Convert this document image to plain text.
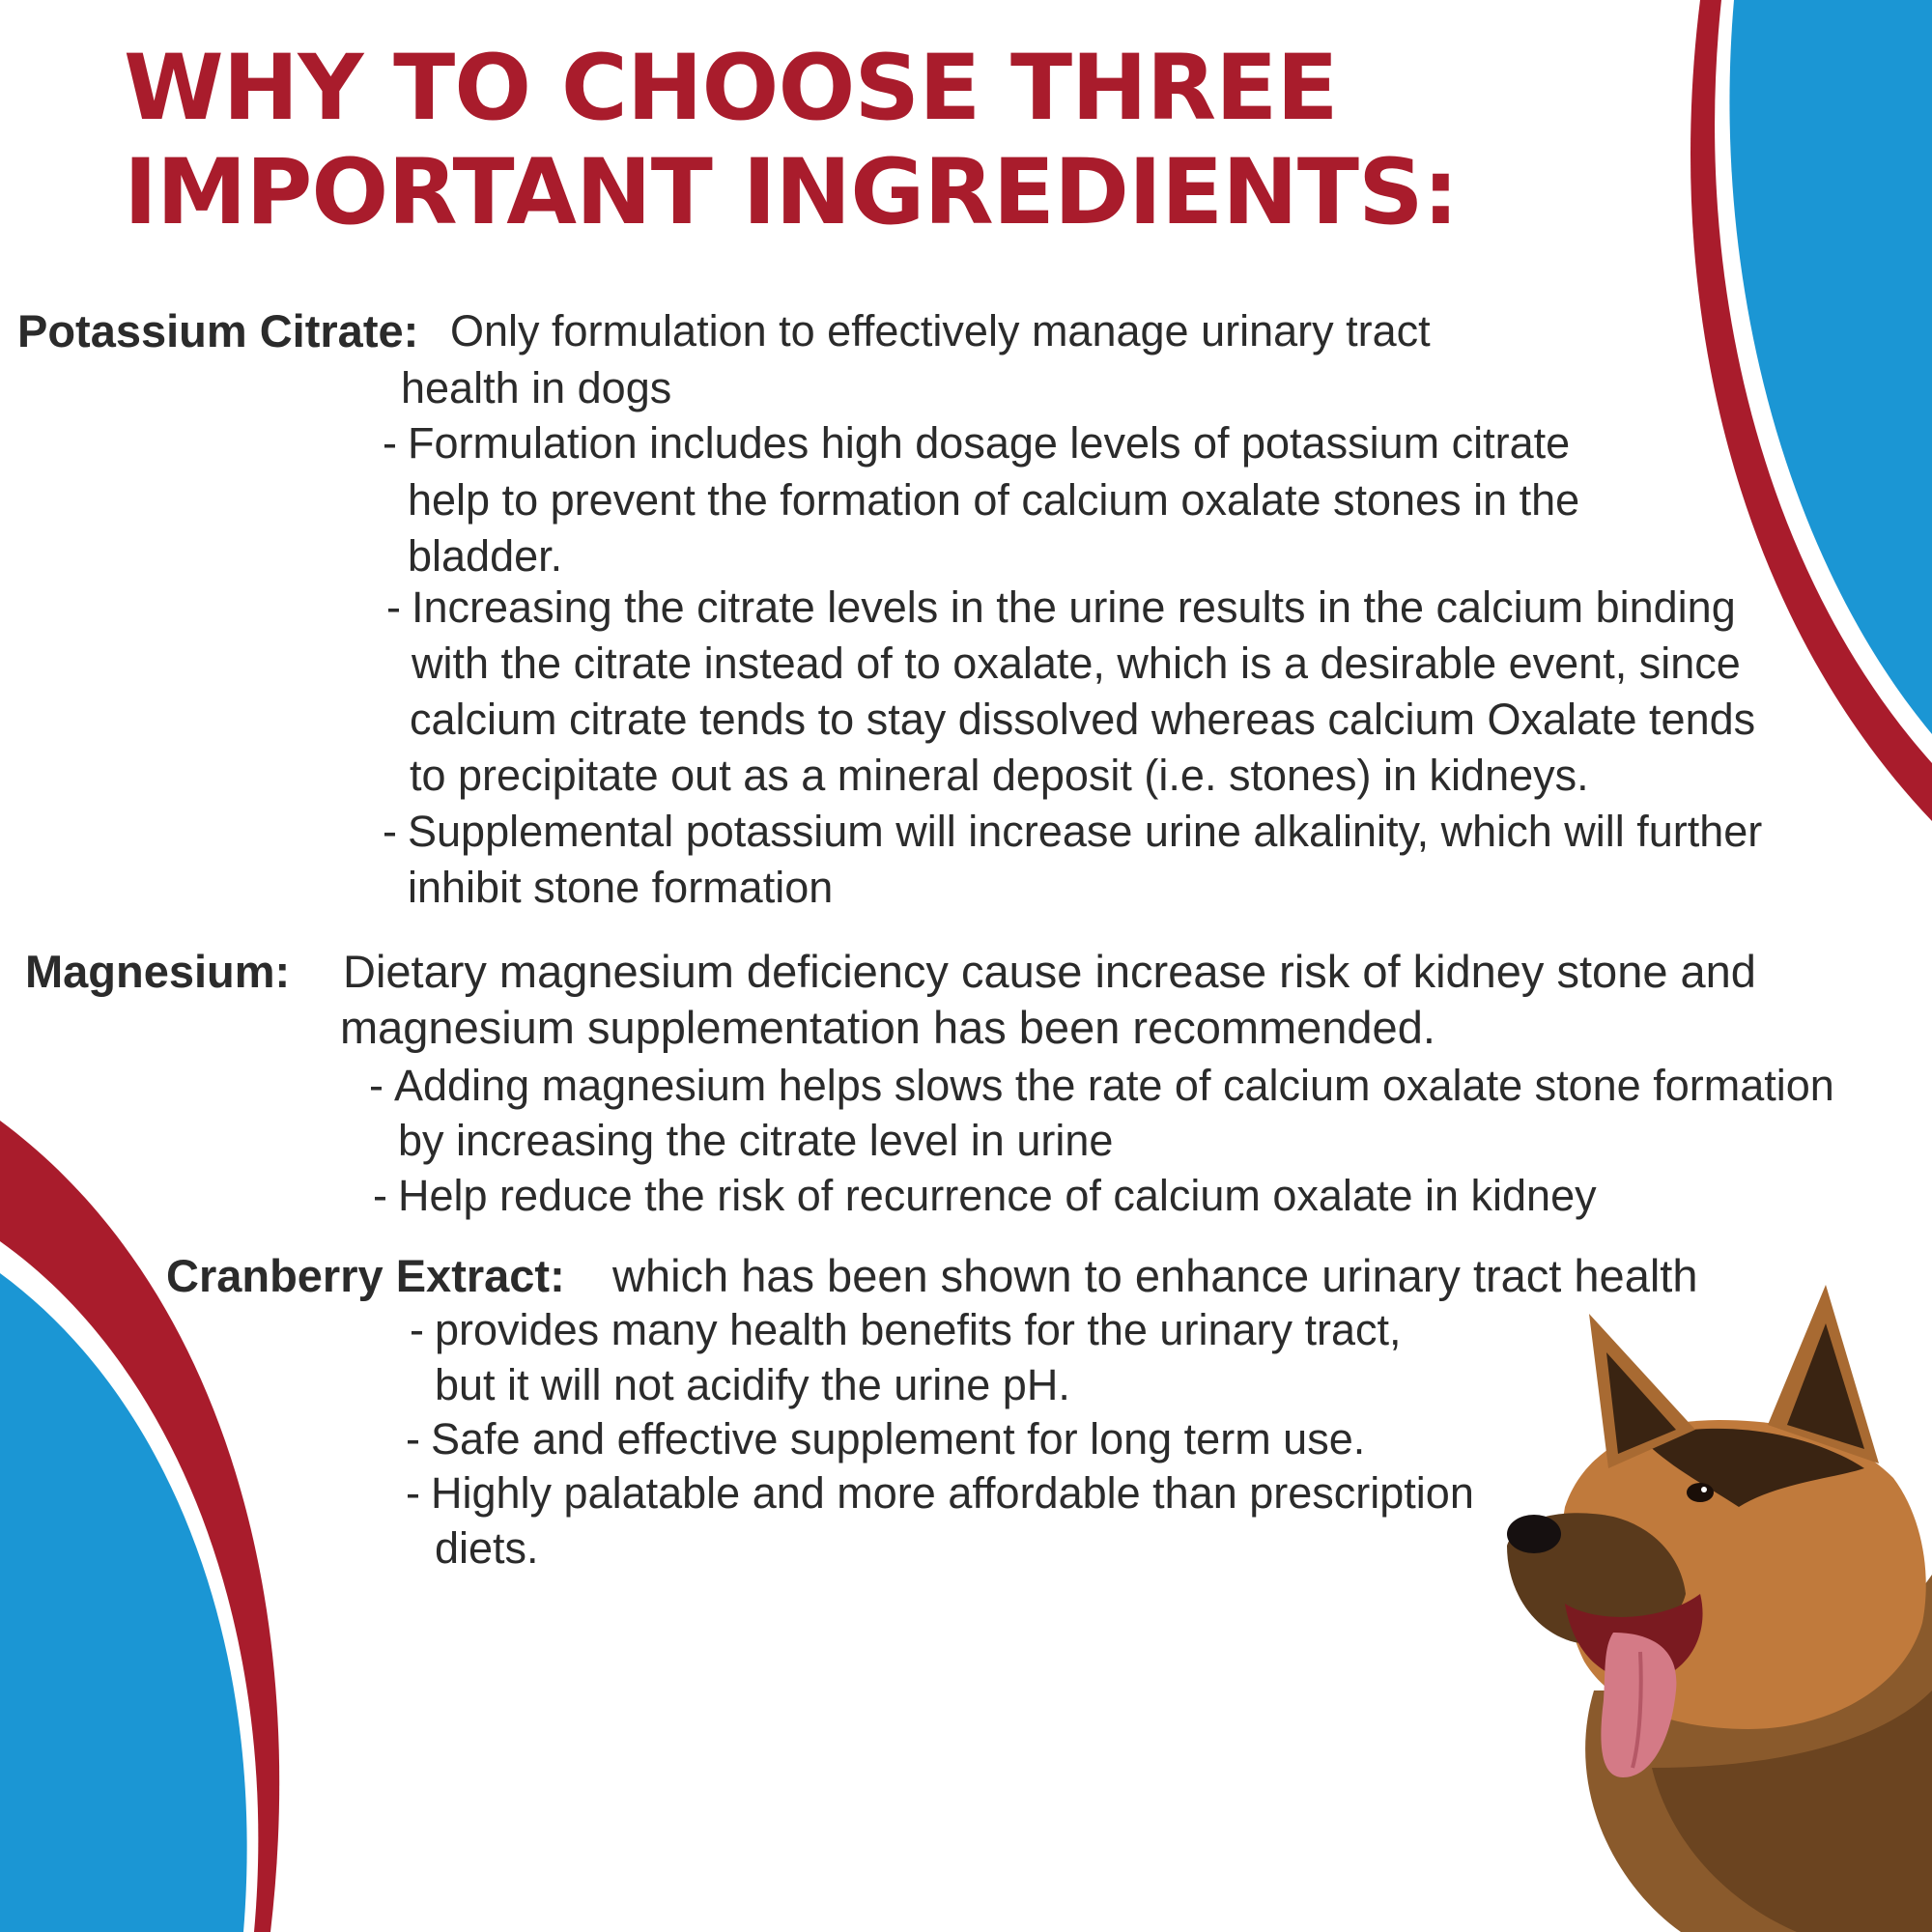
WHY TO CHOOSE THREE
IMPORTANT INGREDIENTS:
Potassium Citrate: Only formulation to effectively manage urinary tract
health in dogs
- Formulation includes high dosage levels of potassium citrate
help to prevent the formation of calcium oxalate stones in the
bladder.
- Increasing the citrate levels in the urine results in the calcium binding
with the citrate instead of to oxalate, which is a desirable event, since
calcium citrate tends to stay dissolved whereas calcium Oxalate tends
to precipitate out as a mineral deposit (i.e. stones) in kidneys.
- Supplemental potassium will increase urine alkalinity, which will further
inhibit stone formation
Magnesium: Dietary magnesium deficiency cause increase risk of kidney stone and
magnesium supplementation has been recommended.
- Adding magnesium helps slows the rate of calcium oxalate stone formation
by increasing the citrate level in urine
- Help reduce the risk of recurrence of calcium oxalate in kidney
Cranberry Extract: which has been shown to enhance urinary tract health
- provides many health benefits for the urinary tract,
but it will not acidify the urine pH.
- Safe and effective supplement for long term use.
- Highly palatable and more affordable than prescription
diets.
